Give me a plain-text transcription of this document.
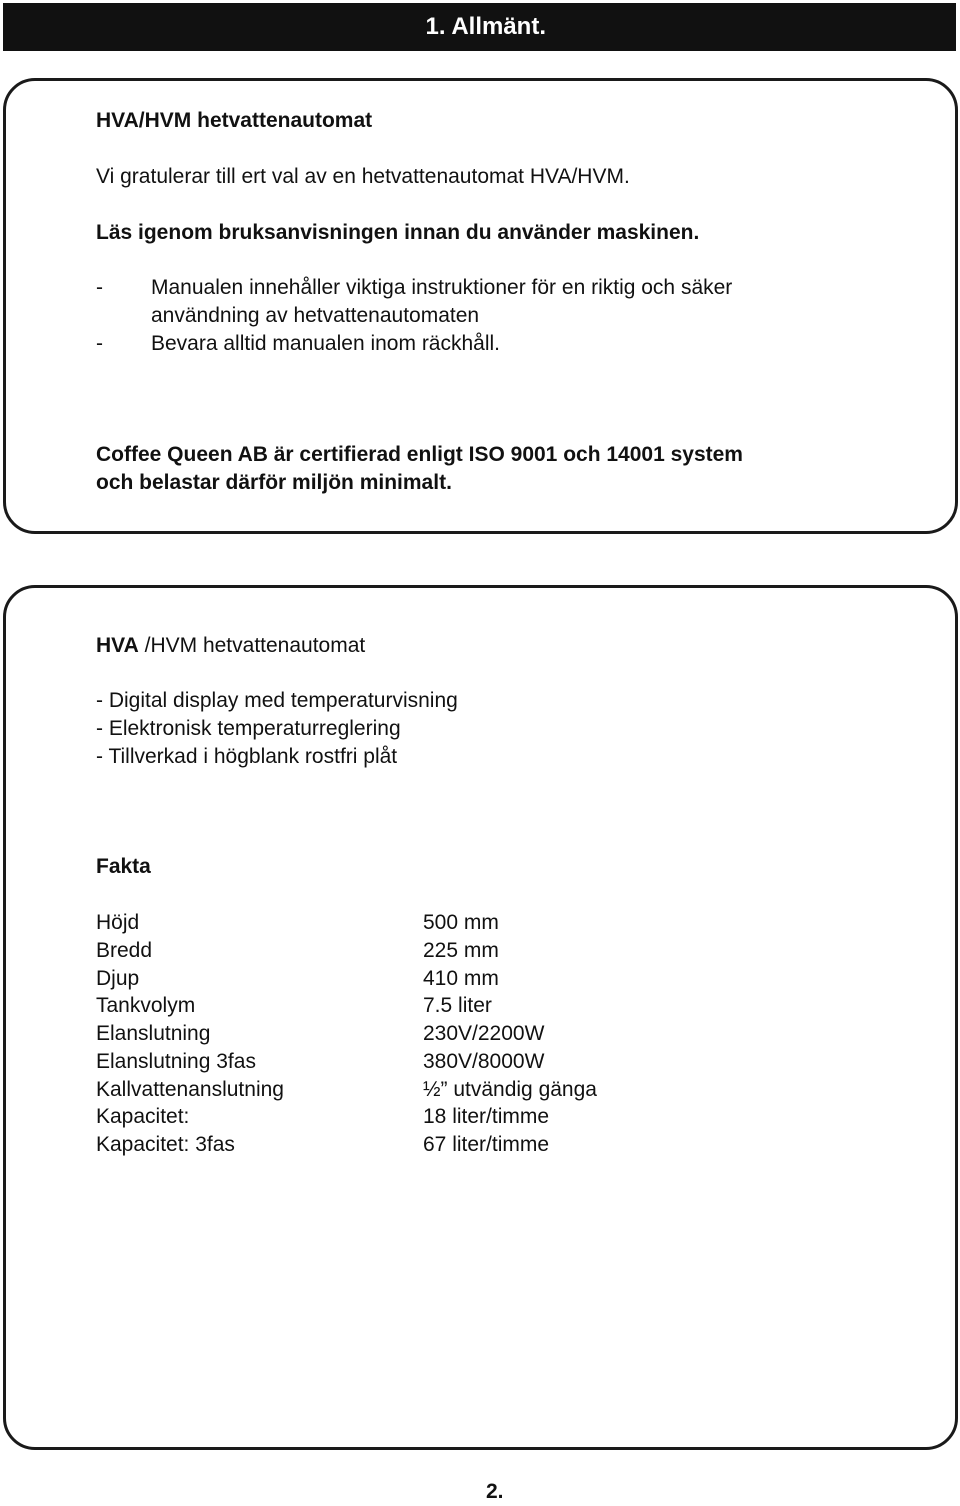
1. Allmänt.
HVA/HVM hetvattenautomat
Vi gratulerar till ert val av en hetvattenautomat HVA/HVM.
Läs igenom bruksanvisningen innan du använder maskinen.
- Manualen innehåller viktiga instruktioner för en riktig och säker
användning av hetvattenautomaten
- Bevara alltid manualen inom räckhåll.
Coffee Queen AB är certifierad enligt ISO 9001 och 14001 system
och belastar därför miljön minimalt.
HVA /HVM hetvattenautomat
- Digital display med temperaturvisning
- Elektronisk temperaturreglering
- Tillverkad i högblank rostfri plåt
Fakta
Höjd	500 mm
Bredd	225 mm
Djup	410 mm
Tankvolym	7.5 liter
Elanslutning	230V/2200W
Elanslutning 3fas	380V/8000W
Kallvattenanslutning	½” utvändig gänga
Kapacitet:	18 liter/timme
Kapacitet: 3fas	67 liter/timme
2.
